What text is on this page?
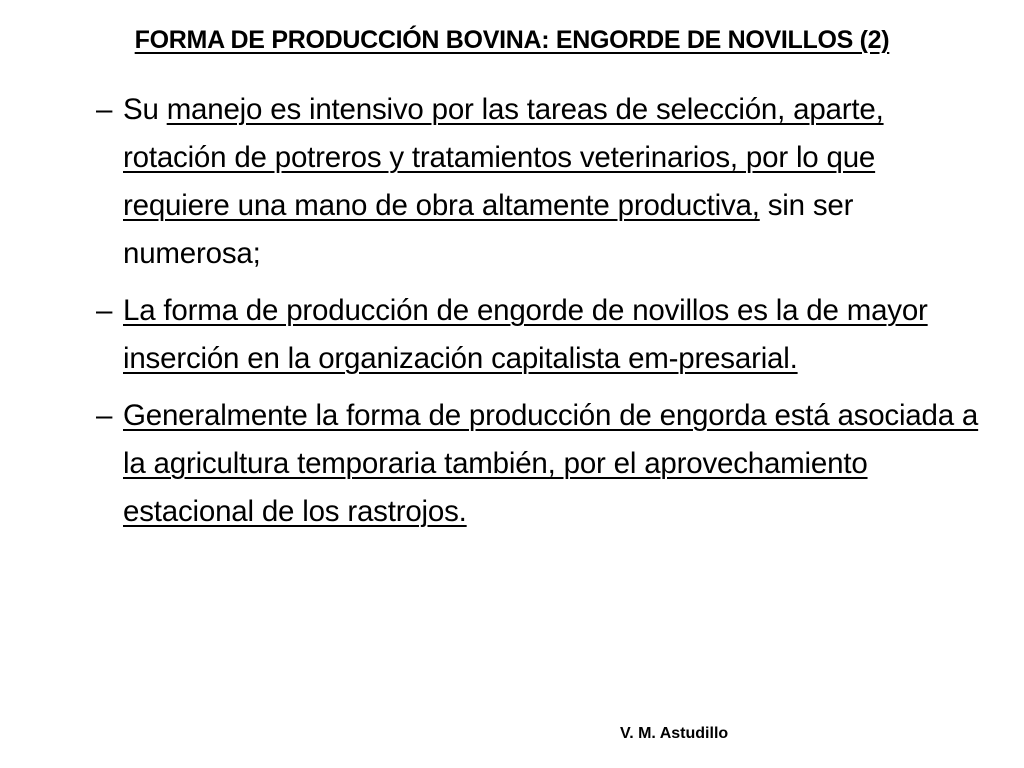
FORMA DE PRODUCCIÓN BOVINA: ENGORDE DE NOVILLOS (2)
– Su manejo es intensivo por las tareas de selección, aparte, rotación de potreros y tratamientos veterinarios, por lo que requiere una mano de obra altamente productiva, sin ser numerosa;
– La forma de producción de engorde de novillos es la de mayor inserción en la organización capitalista em-presarial.
– Generalmente la forma de producción de engorda está asociada a la agricultura temporaria también, por el aprovechamiento estacional de los rastrojos.
V. M. Astudillo
